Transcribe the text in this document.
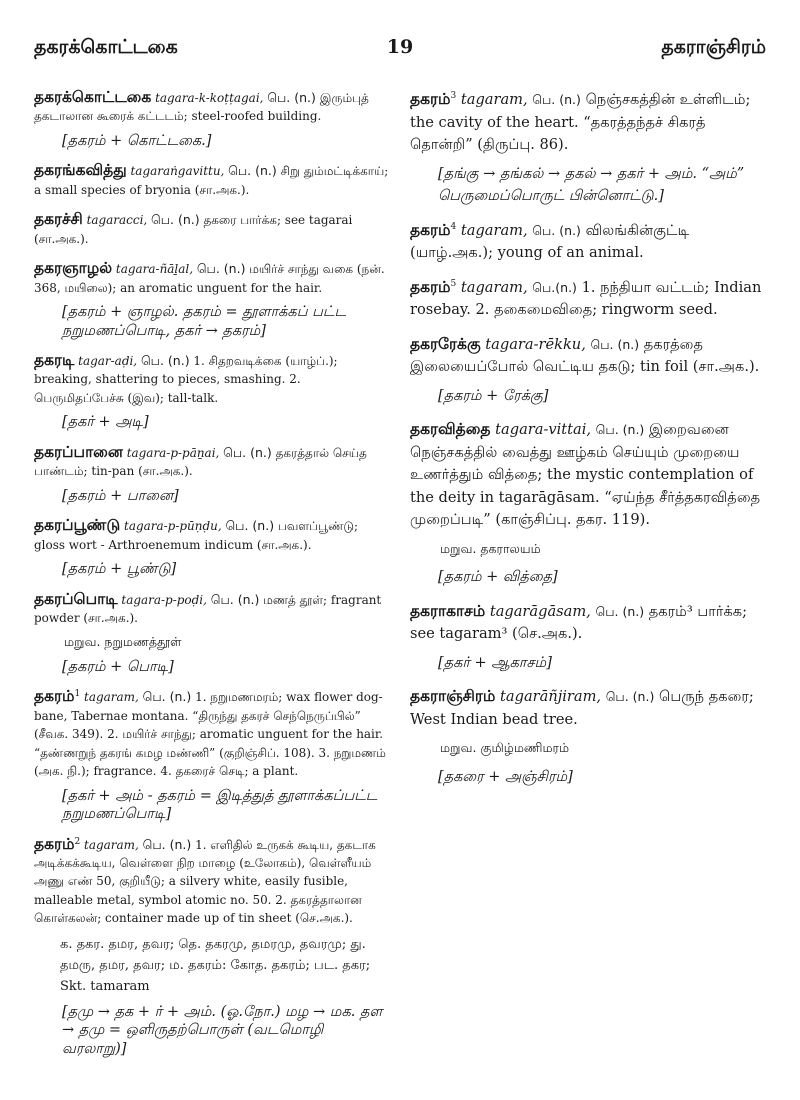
தகரக்கொட்டகை	19	தகராஞ்சிரம்
தகரக்கொட்டகை tagara-k-koṭṭagai, பெ. (n.) இரும்புத் தகடாலான கூரைக் கட்டடம்; steel-roofed building.
[தகரம் + கொட்டகை.]
தகரங்கவித்து tagaraṅgavittu, பெ. (n.) சிறு தும்மட்டிக்காய்; a small species of bryonia (சா.அக.).
தகரச்சி tagaracci, பெ. (n.) தகரை பார்க்க; see tagarai (சா.அக.).
தகரஞாழல் tagara-ñāḻal, பெ. (n.) மயிர்ச் சாந்து வகை (நன். 368, மயிலை); an aromatic unguent for the hair.
[தகரம் + ஞாழல். தகரம் = தூளாக்கப் பட்ட நறுமணப்பொடி, தகர் → தகரம்]
தகரடி tagar-aḍi, பெ. (n.) 1. சிதறவடிக்கை (யாழ்ப்.); breaking, shattering to pieces, smashing. 2. பெருமிதப்பேச்சு (இவ); tall-talk.
[தகர் + அடி]
தகரப்பானை tagara-p-pāṉai, பெ. (n.) தகரத்தால் செய்த பாண்டம்; tin-pan (சா.அக.).
[தகரம் + பானை]
தகரப்பூண்டு tagara-p-pūṇḍu, பெ. (n.) பவளப்பூண்டு; gloss wort - Arthroenemum indicum (சா.அக.).
[தகரம் + பூண்டு]
தகரப்பொடி tagara-p-poḍi, பெ. (n.) மணத் தூள்; fragrant powder (சா.அக.).
மறுவ. நறுமணத்தூள்
[தகரம் + பொடி]
தகரம்$^1$ tagaram, பெ. (n.) 1. நறுமணமரம்; wax flower dog-bane, Tabernae montana. “திருந்து தகரச் செந்நெருப்பில்” (சீவக. 349). 2. மயிர்ச் சாந்து; aromatic unguent for the hair. “தண்ணறுந் தகரங் கமழ மண்ணி” (குறிஞ்சிப். 108). 3. நறுமணம் (அக. நி.); fragrance. 4. தகரைச் செடி; a plant.
[தகர் + அம் - தகரம் = இடித்துத் தூளாக்கப்பட்ட நறுமணப்பொடி]
தகரம்$^2$ tagaram, பெ. (n.) 1. எளிதில் உருகக் கூடிய, தகடாக அடிக்கக்கூடிய, வெள்ளை நிற மாழை (உலோகம்), வெள்ளீயம் அணு எண் 50, குறியீடு; a silvery white, easily fusible, malleable metal, symbol atomic no. 50. 2. தகரத்தாலான கொள்கலன்; container made up of tin sheet (செ.அக.).
க. தகர. தமர, தவர; தெ. தகரமு, தமரமு, தவரமு; து. தமரு, தமர, தவர; ம. தகரம்: கோத. தகரம்; பட. தகர; Skt. tamaram
[தமு → தக + ர் + அம். (ஓ.நோ.) மழ → மக. தள → தமு = ஒளிருதற்பொருள் (வடமொழி வரலாறு)]
தகரம்$^3$ tagaram, பெ. (n.) நெஞ்சகத்தின் உள்ளிடம்; the cavity of the heart. “தகரத்தந்தச் சிகரத் தொன்றி” (திருப்பு. 86).
[தங்கு → தங்கல் → தகல் → தகர் + அம். “அம்” பெருமைப்பொருட் பின்னொட்டு.]
தகரம்$^4$ tagaram, பெ. (n.) விலங்கின்குட்டி (யாழ்.அக.); young of an animal.
தகரம்$^5$ tagaram, பெ.(n.) 1. நந்தியா வட்டம்; Indian rosebay. 2. தகைமைவிதை; ringworm seed.
தகரரேக்கு tagara-rēkku, பெ. (n.) தகரத்தை இலையைப்போல் வெட்டிய தகடு; tin foil (சா.அக.).
[தகரம் + ரேக்கு]
தகரவித்தை tagara-vittai, பெ. (n.) இறைவனை நெஞ்சகத்தில் வைத்து ஊழ்கம் செய்யும் முறையை உணர்த்தும் வித்தை; the mystic contemplation of the deity in tagarāgāsam. “ஏய்ந்த சீர்த்தகரவித்தை முறைப்படி” (காஞ்சிப்பு. தகர. 119).
மறுவ. தகராலயம்
[தகரம் + வித்தை]
தகராகாசம் tagarāgāsam, பெ. (n.) தகரம்³ பார்க்க; see tagaram³ (செ.அக.).
[தகர் + ஆகாசம்]
தகராஞ்சிரம் tagarāñjiram, பெ. (n.) பெருந் தகரை; West Indian bead tree.
மறுவ. குமிழ்மணிமரம்
[தகரை + அஞ்சிரம்]
